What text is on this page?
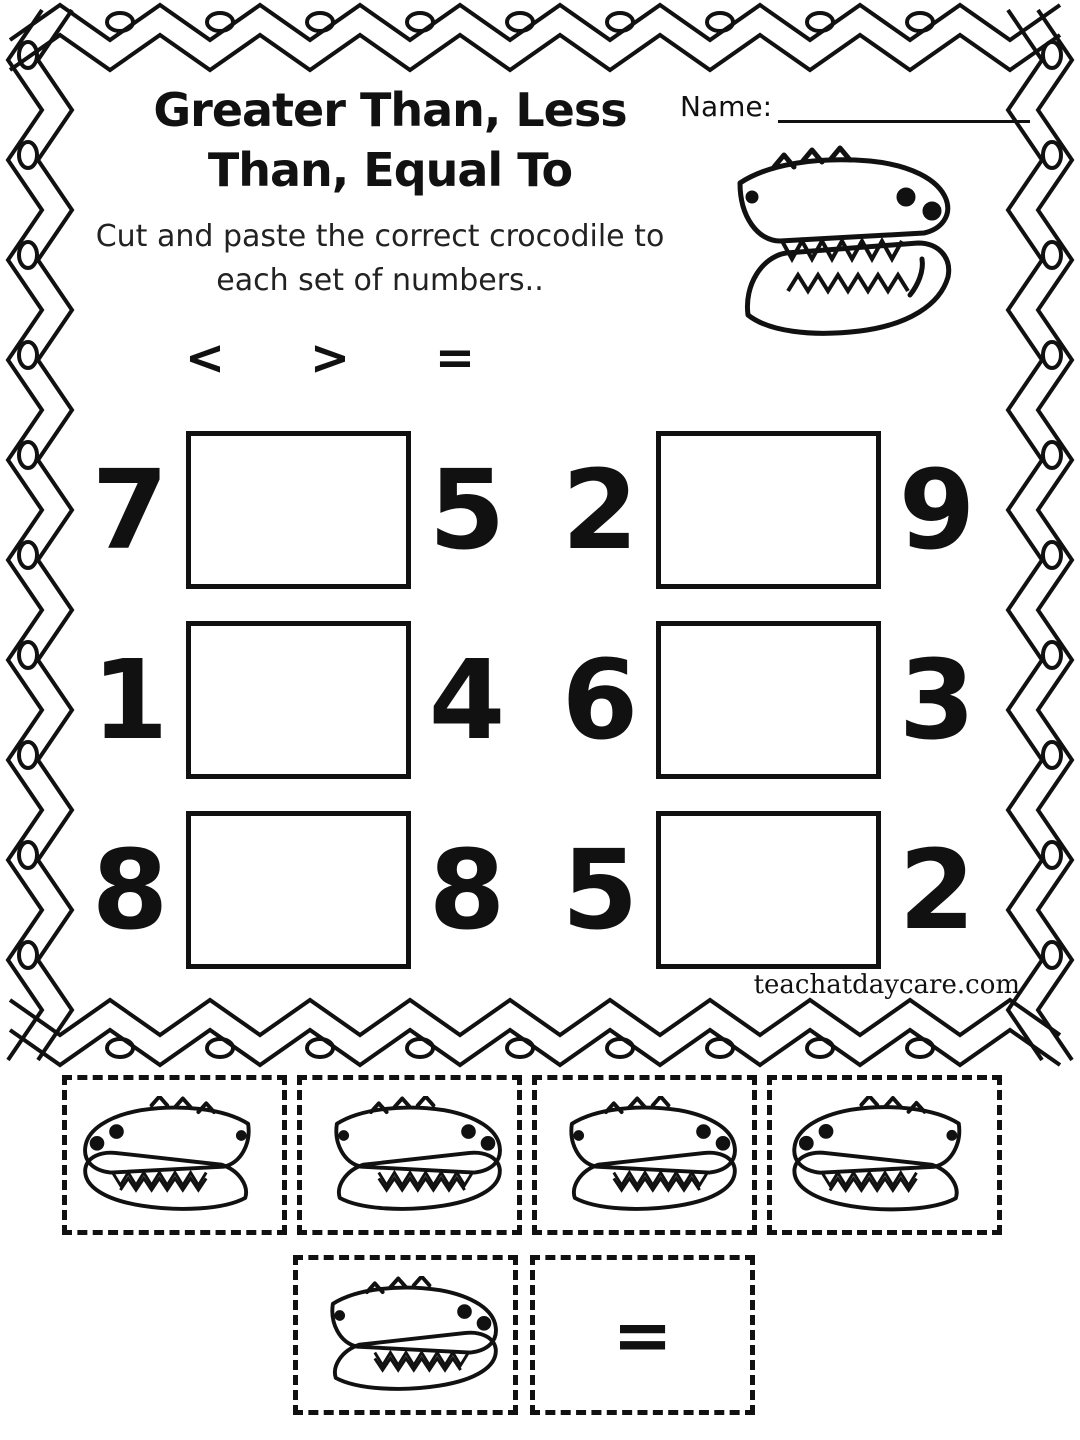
Greater Than, Less Than, Equal To
Cut and paste the correct crocodile to each set of numbers..
Name:
<	>	=
7 5 2 9
1 4 6 3
8 8 5 2
teachatdaycare.com
=
